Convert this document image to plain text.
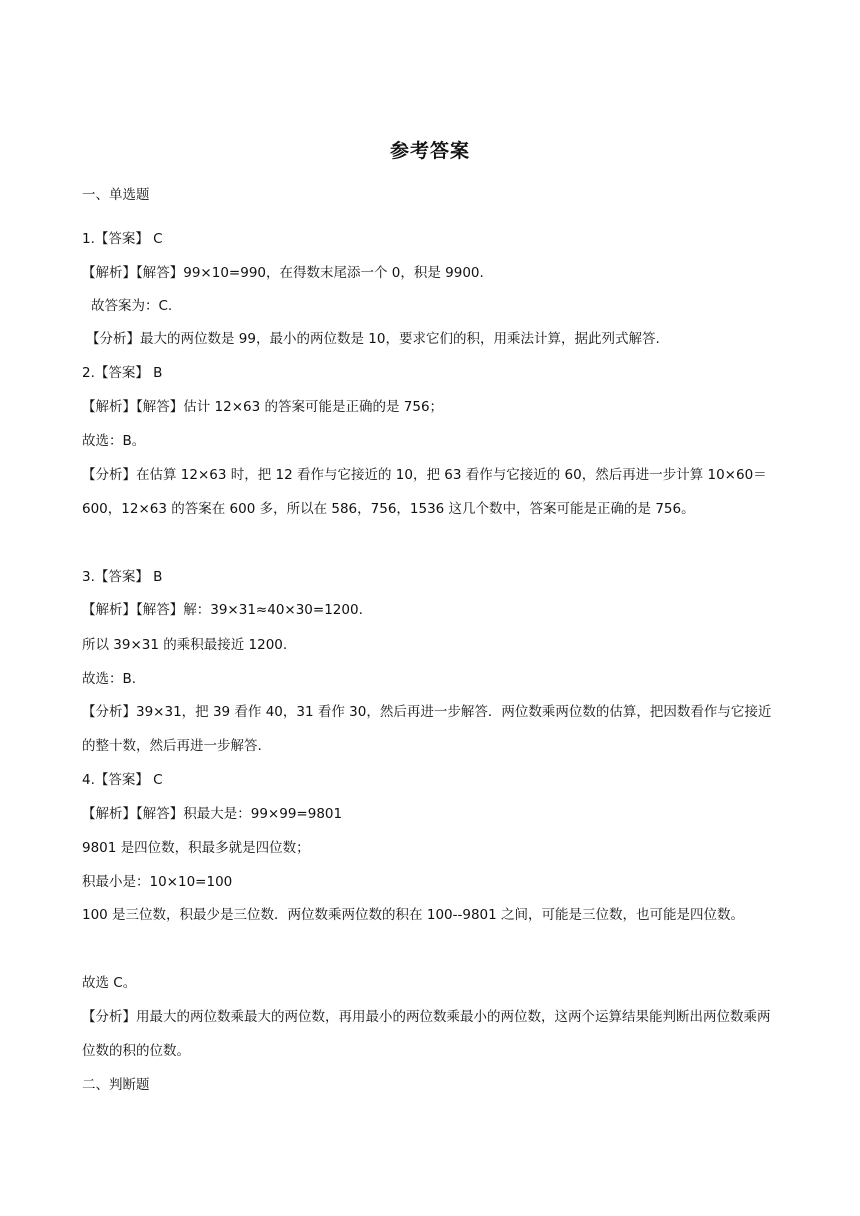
参考答案
一、单选题
1.【答案】 C
【解析】【解答】99×10=990，在得数末尾添一个 0，积是 9900.
故答案为：C.
【分析】最大的两位数是 99，最小的两位数是 10，要求它们的积，用乘法计算，据此列式解答.
2.【答案】 B
【解析】【解答】估计 12×63 的答案可能是正确的是 756；
故选：B。
【分析】在估算 12×63 时，把 12 看作与它接近的 10，把 63 看作与它接近的 60，然后再进一步计算 10×60＝600，12×63 的答案在 600 多，所以在 586，756，1536 这几个数中，答案可能是正确的是 756。
3.【答案】 B
【解析】【解答】解：39×31≈40×30=1200.
所以 39×31 的乘积最接近 1200.
故选：B.
【分析】39×31，把 39 看作 40，31 看作 30，然后再进一步解答．两位数乘两位数的估算，把因数看作与它接近的整十数，然后再进一步解答.
4.【答案】 C
【解析】【解答】积最大是：99×99=9801
9801 是四位数，积最多就是四位数；
积最小是：10×10=100
100 是三位数，积最少是三位数．两位数乘两位数的积在 100--9801 之间，可能是三位数，也可能是四位数。
故选 C。
【分析】用最大的两位数乘最大的两位数，再用最小的两位数乘最小的两位数，这两个运算结果能判断出两位数乘两位数的积的位数。
二、判断题
